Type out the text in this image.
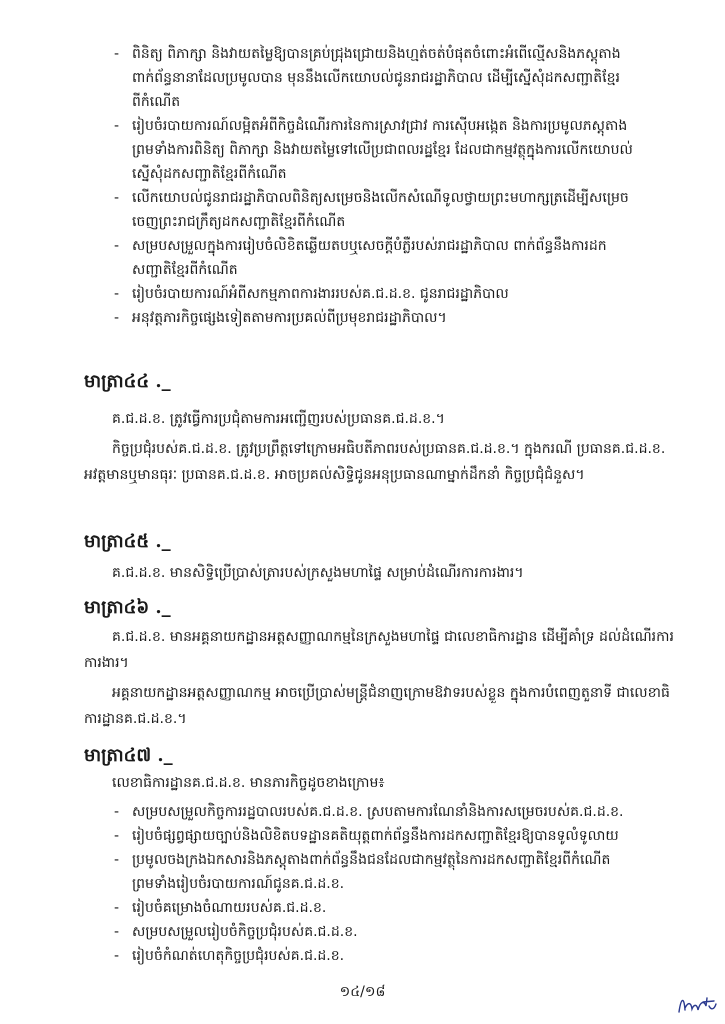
- ពិនិត្យ ពិភាក្សា និងវាយតម្លៃឱ្យបានគ្រប់ជ្រុងជ្រោយនិងហ្មត់ចត់បំផុតចំពោះអំពើល្មើសនិងភស្តុតាង
ពាក់ព័ន្ធនានាដែលប្រមូលបាន មុននឹងលើកយោបល់ជូនរាជរដ្ឋាភិបាល ដើម្បីស្នើសុំដកសញ្ជាតិខ្មែរ
ពីកំណើត
- រៀបចំរបាយការណ៍លម្អិតអំពីកិច្ចដំណើរការនៃការស្រាវជ្រាវ ការស៊ើបអង្កេត និងការប្រមូលភស្តុតាង
ព្រមទាំងការពិនិត្យ ពិភាក្សា និងវាយតម្លៃទៅលើប្រជាពលរដ្ឋខ្មែរ ដែលជាកម្មវត្ថុក្នុងការលើកយោបល់
ស្នើសុំដកសញ្ជាតិខ្មែរពីកំណើត
- លើកយោបល់ជូនរាជរដ្ឋាភិបាលពិនិត្យសម្រេចនិងលើកសំណើទូលថ្វាយព្រះមហាក្សត្រដើម្បីសម្រេច
ចេញព្រះរាជក្រឹត្យដកសញ្ជាតិខ្មែរពីកំណើត
- សម្របសម្រួលក្នុងការរៀបចំលិខិតឆ្លើយតបឬសេចក្តីបំភ្លឺរបស់រាជរដ្ឋាភិបាល ពាក់ព័ន្ធនឹងការដក
សញ្ជាតិខ្មែរពីកំណើត
- រៀបចំរបាយការណ៍អំពីសកម្មភាពការងាររបស់គ.ជ.ដ.ខ. ជូនរាជរដ្ឋាភិបាល
- អនុវត្តភារកិច្ចផ្សេងទៀតតាមការប្រគល់ពីប្រមុខរាជរដ្ឋាភិបាល។
មាត្រា៤៤ ._

គ.ជ.ដ.ខ. ត្រូវធ្វើការប្រជុំតាមការអញ្ជើញរបស់ប្រធានគ.ជ.ដ.ខ.។

កិច្ចប្រជុំរបស់គ.ជ.ដ.ខ. ត្រូវប្រព្រឹត្តទៅក្រោមអធិបតីភាពរបស់ប្រធានគ.ជ.ដ.ខ.។ ក្នុងករណី ប្រធានគ.ជ.ដ.ខ. អវត្តមានឬមានធុរៈ ប្រធានគ.ជ.ដ.ខ. អាចប្រគល់សិទ្ធិជូនអនុប្រធានណាម្នាក់ដឹកនាំ កិច្ចប្រជុំជំនួស។

មាត្រា៤៥ ._

គ.ជ.ដ.ខ. មានសិទ្ធិប្រើប្រាស់ត្រារបស់ក្រសួងមហាផ្ទៃ សម្រាប់ដំណើរការការងារ។

មាត្រា៤៦ ._

គ.ជ.ដ.ខ. មានអគ្គនាយកដ្ឋានអត្តសញ្ញាណកម្មនៃក្រសួងមហាផ្ទៃ ជាលេខាធិការដ្ឋាន ដើម្បីគាំទ្រ ដល់ដំណើរការការងារ។

អគ្គនាយកដ្ឋានអត្តសញ្ញាណកម្ម អាចប្រើប្រាស់មន្ត្រីជំនាញក្រោមឱវាទរបស់ខ្លួន ក្នុងការបំពេញតួនាទី ជាលេខាធិការដ្ឋានគ.ជ.ដ.ខ.។

មាត្រា៤៧ ._

លេខាធិការដ្ឋានគ.ជ.ដ.ខ. មានភារកិច្ចដូចខាងក្រោម៖

- សម្របសម្រួលកិច្ចការរដ្ឋបាលរបស់គ.ជ.ដ.ខ. ស្របតាមការណែនាំនិងការសម្រេចរបស់គ.ជ.ដ.ខ.
- រៀបចំផ្សព្វផ្សាយច្បាប់និងលិខិតបទដ្ឋានគតិយុត្តពាក់ព័ន្ធនឹងការដកសញ្ជាតិខ្មែរឱ្យបានទូលំទូលាយ
- ប្រមូលចងក្រងឯកសារនិងភស្តុតាងពាក់ព័ន្ធនឹងជនដែលជាកម្មវត្ថុនៃការដកសញ្ជាតិខ្មែរពីកំណើត
ព្រមទាំងរៀបចំរបាយការណ៍ជូនគ.ជ.ដ.ខ.
- រៀបចំគម្រោងចំណាយរបស់គ.ជ.ដ.ខ.
- សម្របសម្រួលរៀបចំកិច្ចប្រជុំរបស់គ.ជ.ដ.ខ.
- រៀបចំកំណត់ហេតុកិច្ចប្រជុំរបស់គ.ជ.ដ.ខ.
១៤/១៨
